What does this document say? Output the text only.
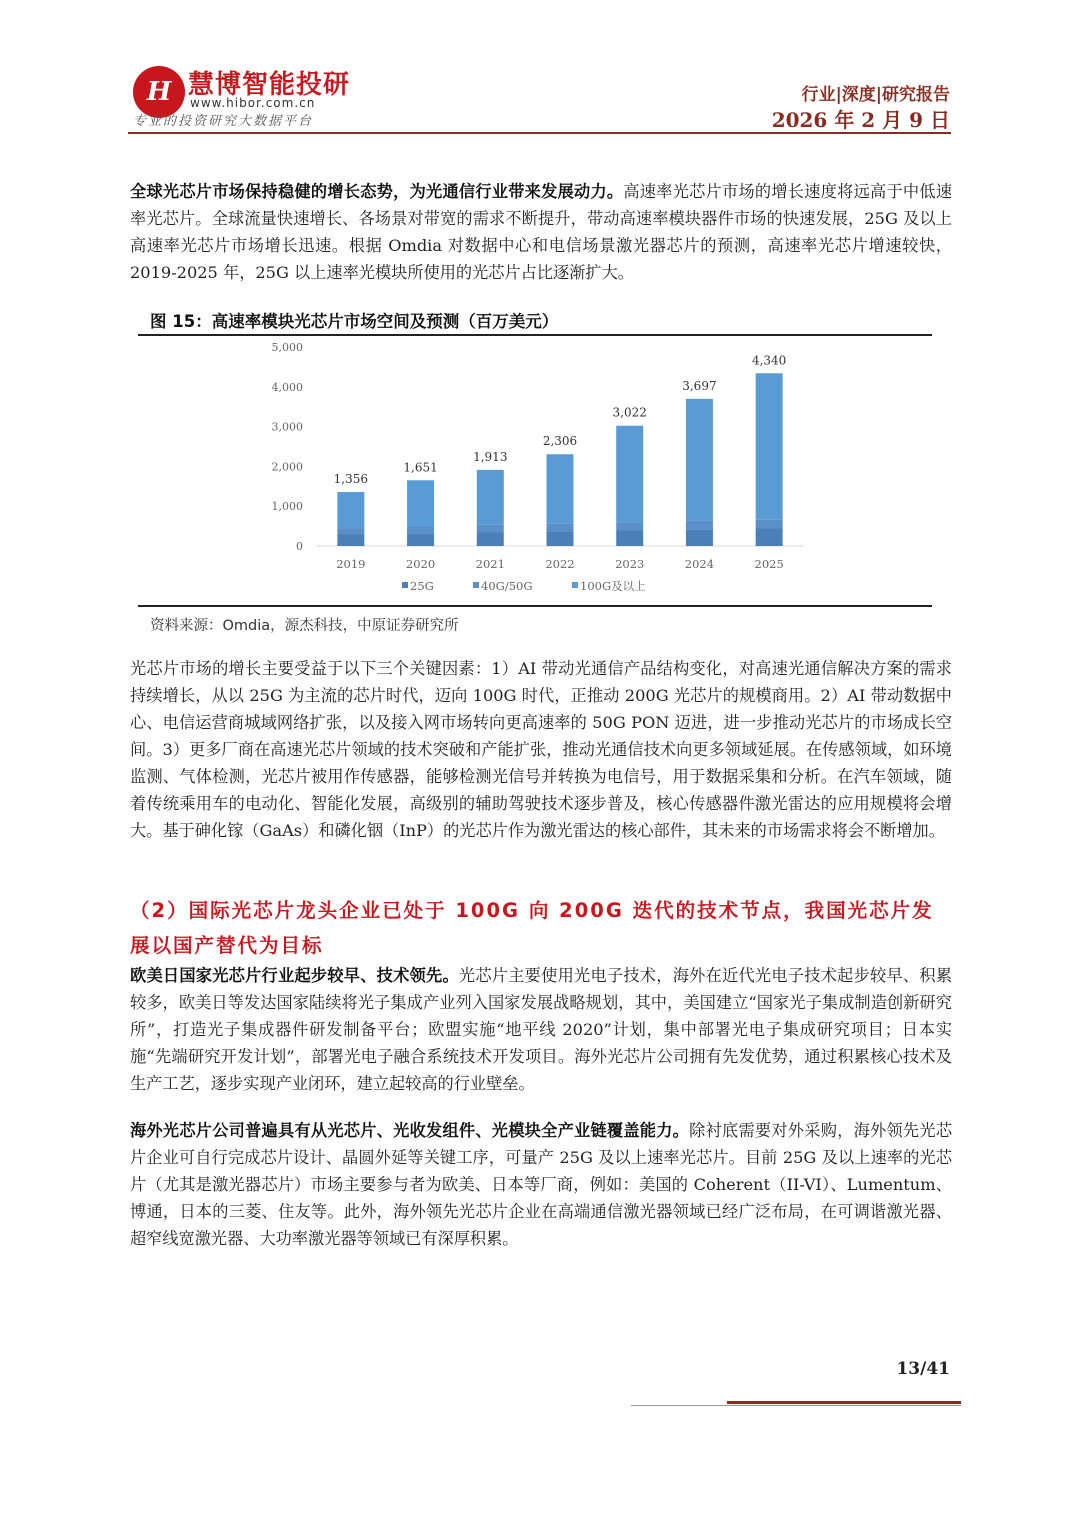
H 慧博智能投研
www.hibor.com.cn
专业的投资研究大数据平台
行业|深度|研究报告
2026 年 2 月 9 日

全球光芯片市场保持稳健的增长态势，为光通信行业带来发展动力。高速率光芯片市场的增长速度将远高于中低速率光芯片。全球流量快速增长、各场景对带宽的需求不断提升，带动高速率模块器件市场的快速发展，25G 及以上高速率光芯片市场增长迅速。根据 Omdia 对数据中心和电信场景激光器芯片的预测，高速率光芯片增速较快，2019-2025 年，25G 以上速率光模块所使用的光芯片占比逐渐扩大。

图 15：高速率模块光芯片市场空间及预测（百万美元）
0
1,000
2,000
3,000
4,000
5,000
1,356
2019
1,651
2020
1,913
2021
2,306
2022
3,022
2023
3,697
2024
4,340
2025
25G	40G/50G	100G及以上
资料来源：Omdia，源杰科技，中原证券研究所

光芯片市场的增长主要受益于以下三个关键因素：1）AI 带动光通信产品结构变化，对高速光通信解决方案的需求持续增长，从以 25G 为主流的芯片时代，迈向 100G 时代，正推动 200G 光芯片的规模商用。2）AI 带动数据中心、电信运营商城域网络扩张，以及接入网市场转向更高速率的 50G PON 迈进，进一步推动光芯片的市场成长空间。3）更多厂商在高速光芯片领域的技术突破和产能扩张，推动光通信技术向更多领域延展。在传感领域，如环境监测、气体检测，光芯片被用作传感器，能够检测光信号并转换为电信号，用于数据采集和分析。在汽车领域，随着传统乘用车的电动化、智能化发展，高级别的辅助驾驶技术逐步普及，核心传感器件激光雷达的应用规模将会增大。基于砷化镓（GaAs）和磷化铟（InP）的光芯片作为激光雷达的核心部件，其未来的市场需求将会不断增加。

（2）国际光芯片龙头企业已处于 100G 向 200G 迭代的技术节点，我国光芯片发展以国产替代为目标

欧美日国家光芯片行业起步较早、技术领先。光芯片主要使用光电子技术，海外在近代光电子技术起步较早、积累较多，欧美日等发达国家陆续将光子集成产业列入国家发展战略规划，其中，美国建立“国家光子集成制造创新研究所”，打造光子集成器件研发制备平台；欧盟实施“地平线 2020”计划，集中部署光电子集成研究项目；日本实施“先端研究开发计划”，部署光电子融合系统技术开发项目。海外光芯片公司拥有先发优势，通过积累核心技术及生产工艺，逐步实现产业闭环，建立起较高的行业壁垒。

海外光芯片公司普遍具有从光芯片、光收发组件、光模块全产业链覆盖能力。除衬底需要对外采购，海外领先光芯片企业可自行完成芯片设计、晶圆外延等关键工序，可量产 25G 及以上速率光芯片。目前 25G 及以上速率的光芯片（尤其是激光器芯片）市场主要参与者为欧美、日本等厂商，例如：美国的 Coherent（II-VI）、Lumentum、博通，日本的三菱、住友等。此外，海外领先光芯片企业在高端通信激光器领域已经广泛布局，在可调谐激光器、超窄线宽激光器、大功率激光器等领域已有深厚积累。

13/41
